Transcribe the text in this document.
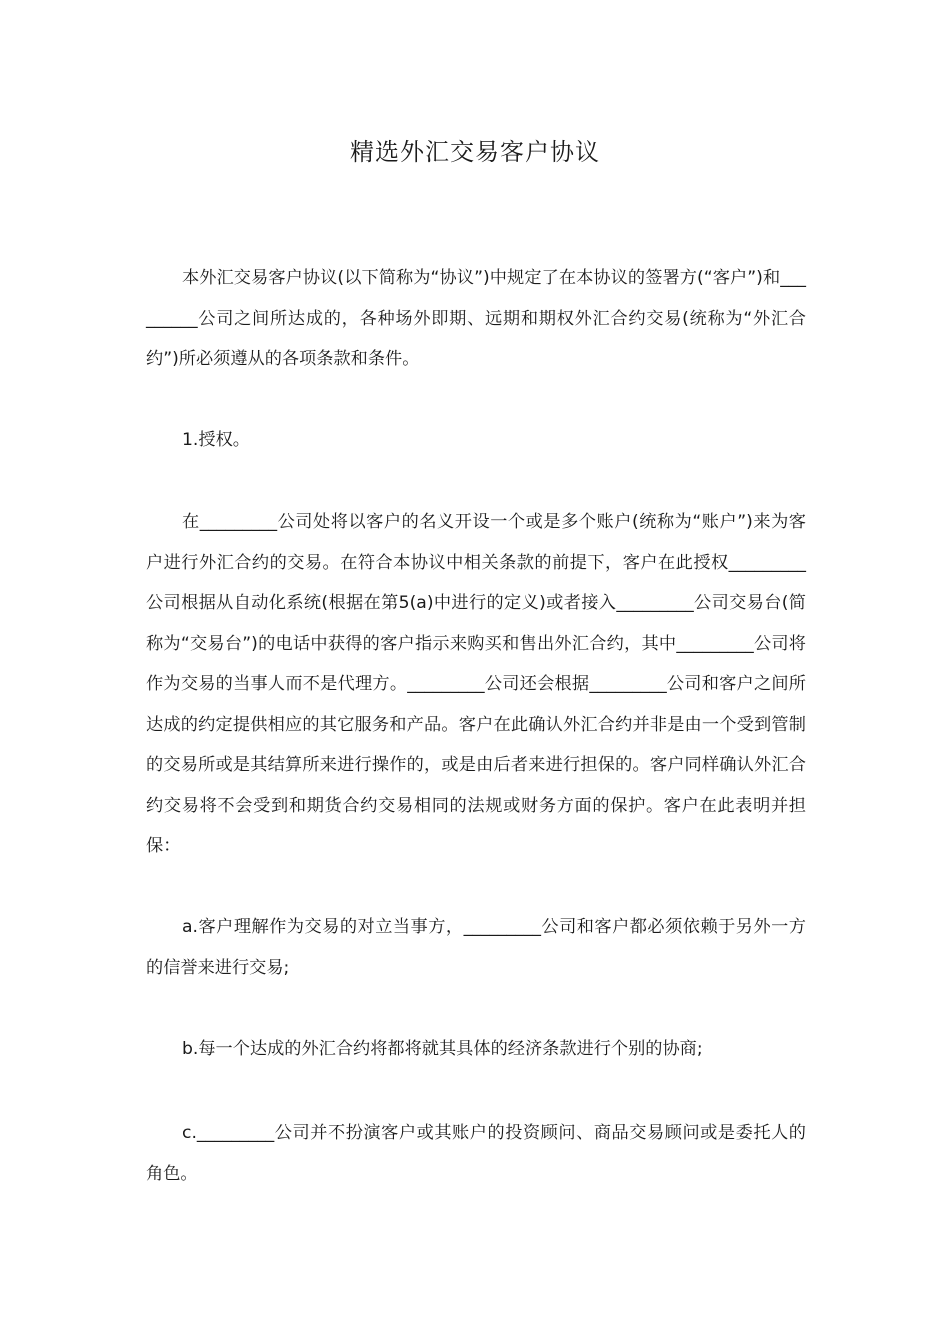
精选外汇交易客户协议

本外汇交易客户协议(以下简称为“协议”)中规定了在本协议的签署方(“客户”)和_________公司之间所达成的，各种场外即期、远期和期权外汇合约交易(统称为“外汇合约”)所必须遵从的各项条款和条件。

1.授权。

在_________公司处将以客户的名义开设一个或是多个账户(统称为“账户”)来为客户进行外汇合约的交易。在符合本协议中相关条款的前提下，客户在此授权_________公司根据从自动化系统(根据在第5(a)中进行的定义)或者接入_________公司交易台(简称为“交易台”)的电话中获得的客户指示来购买和售出外汇合约，其中_________公司将作为交易的当事人而不是代理方。_________公司还会根据_________公司和客户之间所达成的约定提供相应的其它服务和产品。客户在此确认外汇合约并非是由一个受到管制的交易所或是其结算所来进行操作的，或是由后者来进行担保的。客户同样确认外汇合约交易将不会受到和期货合约交易相同的法规或财务方面的保护。客户在此表明并担保：

a.客户理解作为交易的对立当事方，_________公司和客户都必须依赖于另外一方的信誉来进行交易;

b.每一个达成的外汇合约将都将就其具体的经济条款进行个别的协商;

c._________公司并不扮演客户或其账户的投资顾问、商品交易顾问或是委托人的角色。
